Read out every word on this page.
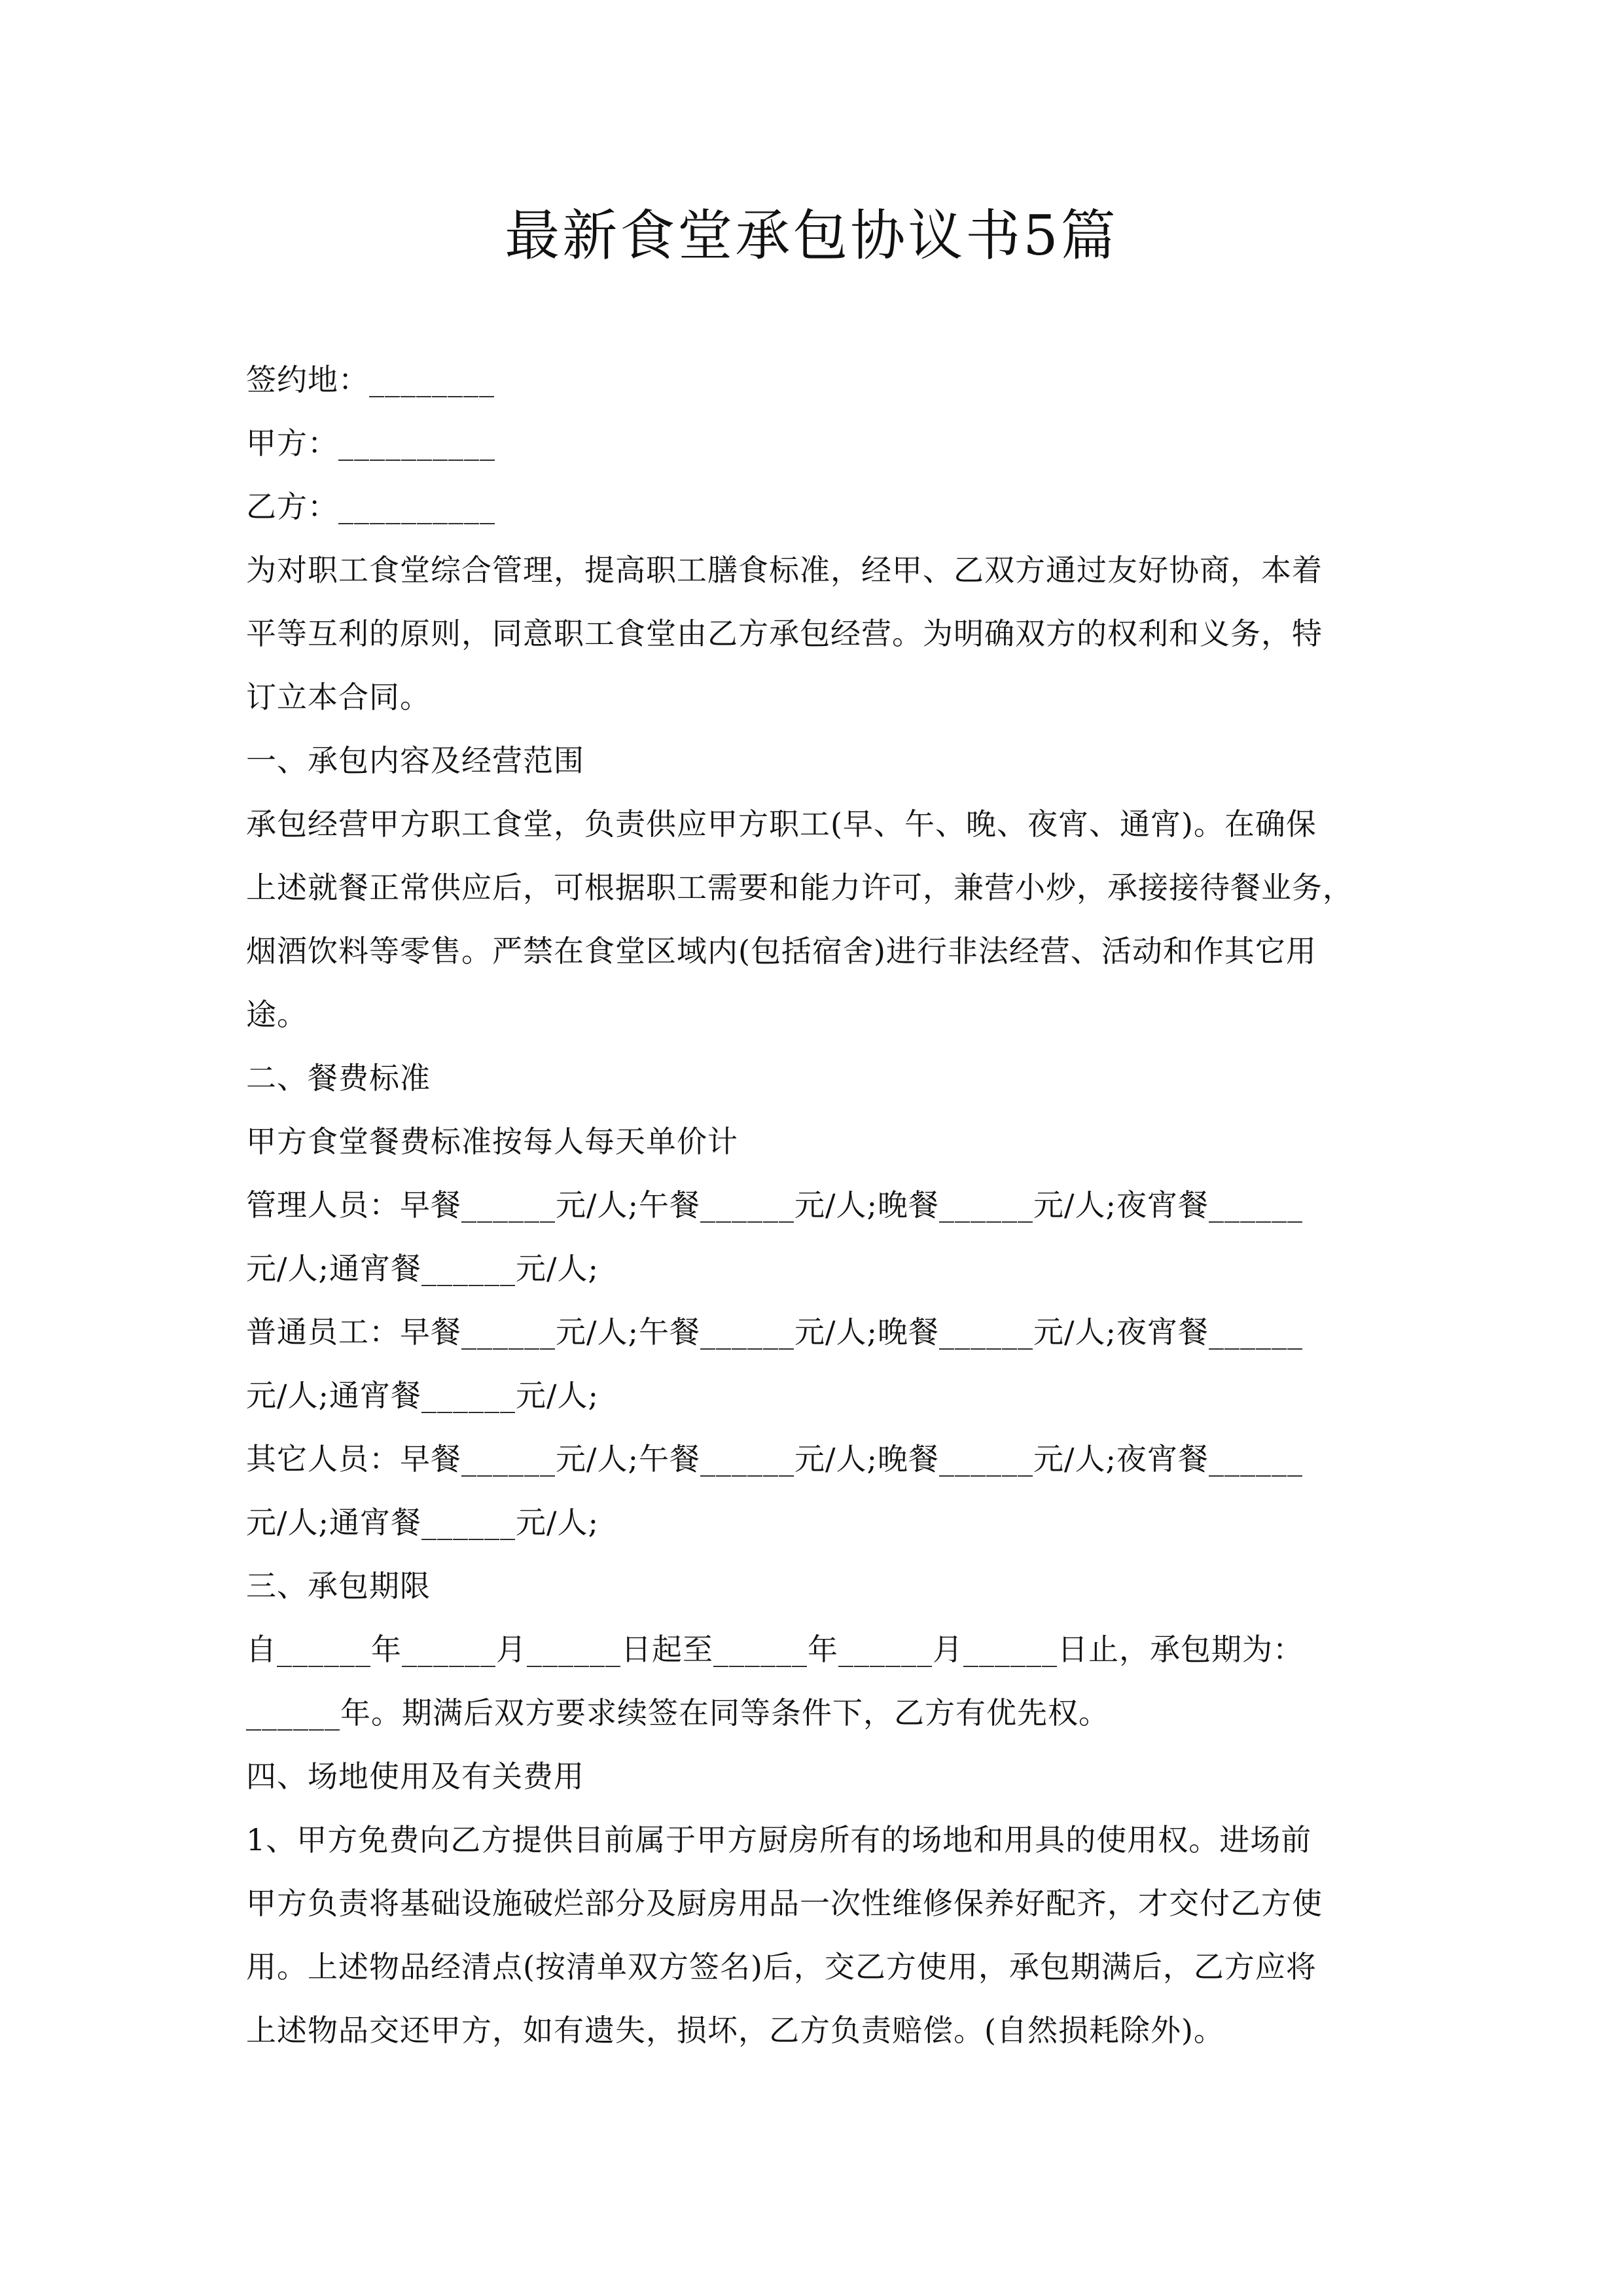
最新食堂承包协议书5篇
签约地：________
甲方：__________
乙方：__________
为对职工食堂综合管理，提高职工膳食标准，经甲、乙双方通过友好协商，本着
平等互利的原则，同意职工食堂由乙方承包经营。为明确双方的权利和义务，特
订立本合同。
一、承包内容及经营范围
承包经营甲方职工食堂，负责供应甲方职工(早、午、晚、夜宵、通宵)。在确保
上述就餐正常供应后，可根据职工需要和能力许可，兼营小炒，承接接待餐业务，
烟酒饮料等零售。严禁在食堂区域内(包括宿舍)进行非法经营、活动和作其它用
途。
二、餐费标准
甲方食堂餐费标准按每人每天单价计
管理人员：早餐______元/人;午餐______元/人;晚餐______元/人;夜宵餐______
元/人;通宵餐______元/人;
普通员工：早餐______元/人;午餐______元/人;晚餐______元/人;夜宵餐______
元/人;通宵餐______元/人;
其它人员：早餐______元/人;午餐______元/人;晚餐______元/人;夜宵餐______
元/人;通宵餐______元/人;
三、承包期限
自______年______月______日起至______年______月______日止，承包期为：
______年。期满后双方要求续签在同等条件下，乙方有优先权。
四、场地使用及有关费用
1、甲方免费向乙方提供目前属于甲方厨房所有的场地和用具的使用权。进场前
甲方负责将基础设施破烂部分及厨房用品一次性维修保养好配齐，才交付乙方使
用。上述物品经清点(按清单双方签名)后，交乙方使用，承包期满后，乙方应将
上述物品交还甲方，如有遗失，损坏，乙方负责赔偿。(自然损耗除外)。
